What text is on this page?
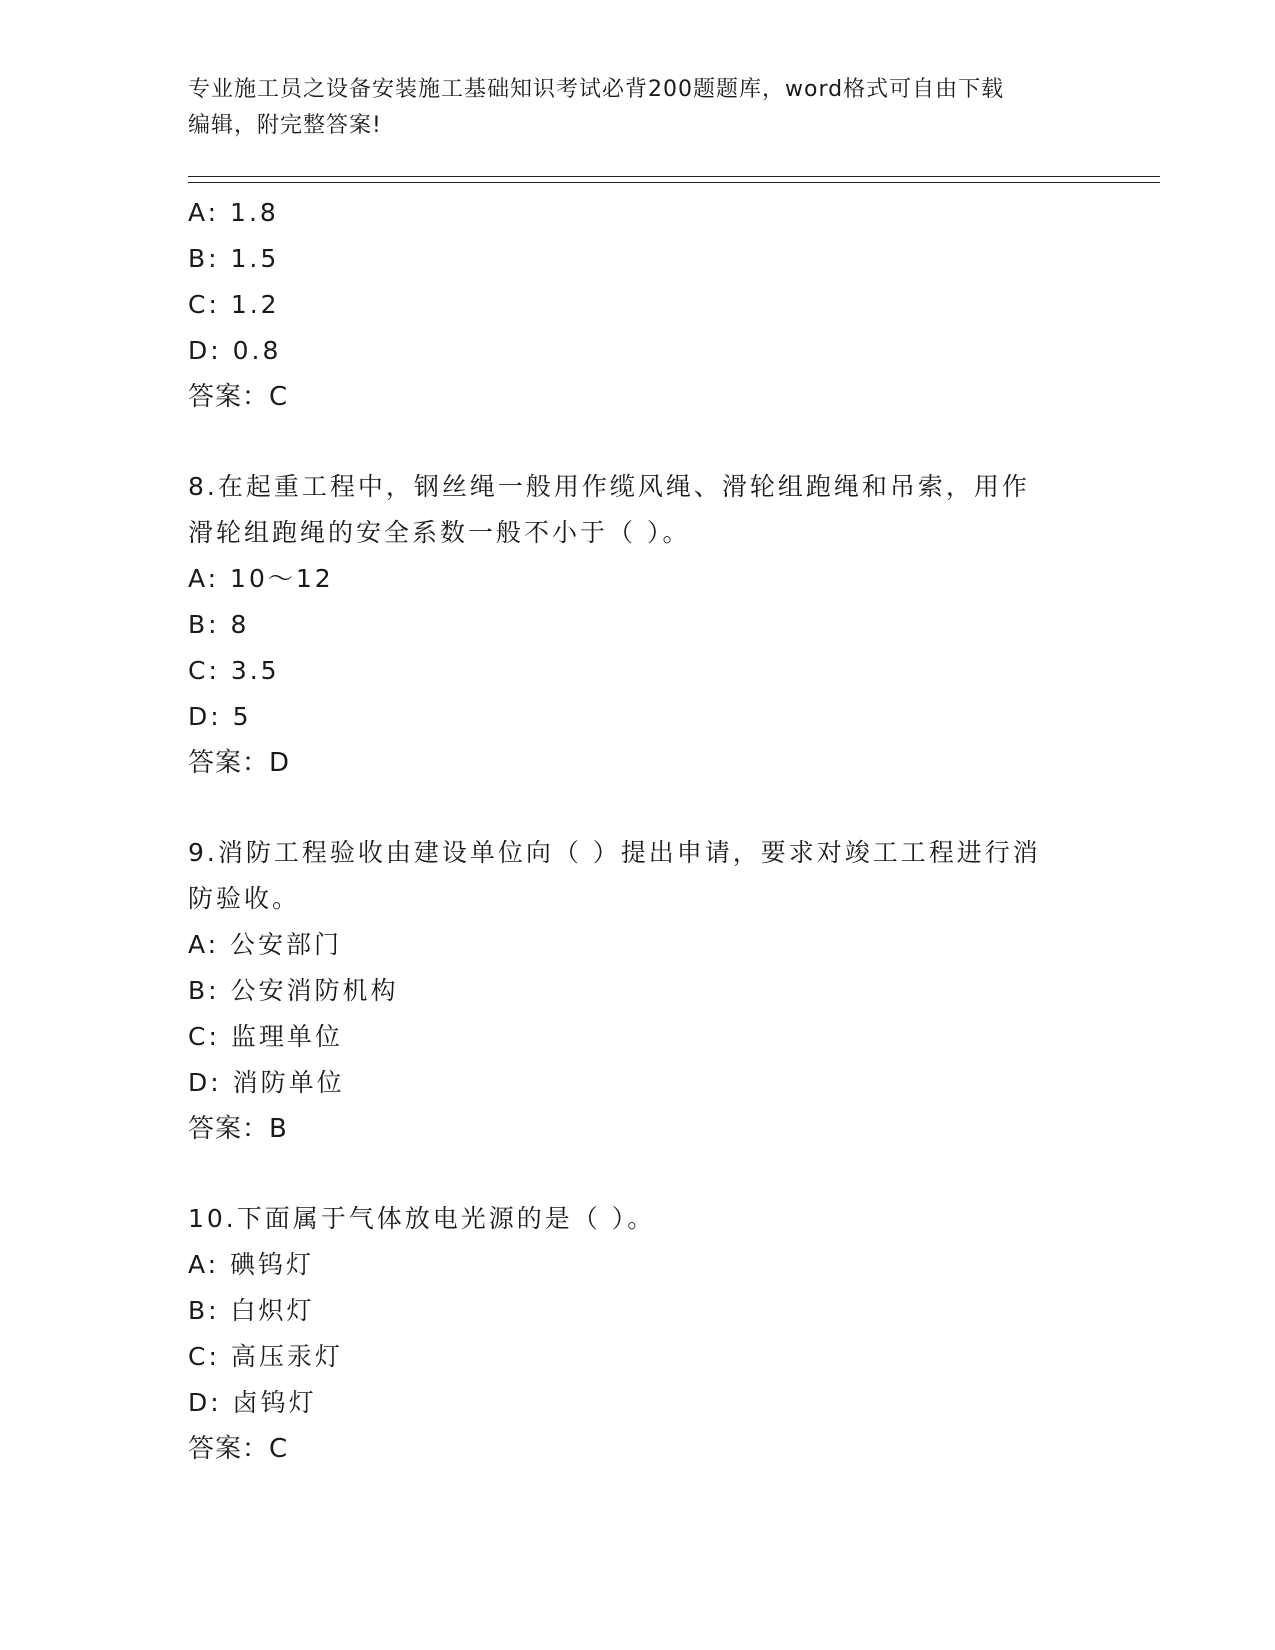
专业施工员之设备安装施工基础知识考试必背200题题库，word格式可自由下载
编辑，附完整答案!
A: 1.8
B: 1.5
C: 1.2
D: 0.8
答案：C
8.在起重工程中，钢丝绳一般用作缆风绳、滑轮组跑绳和吊索，用作
滑轮组跑绳的安全系数一般不小于（ ）。
A: 10～12
B: 8
C: 3.5
D: 5
答案：D
9.消防工程验收由建设单位向（ ）提出申请，要求对竣工工程进行消
防验收。
A: 公安部门
B: 公安消防机构
C: 监理单位
D: 消防单位
答案：B
10.下面属于气体放电光源的是（ ）。
A: 碘钨灯
B: 白炽灯
C: 高压汞灯
D: 卤钨灯
答案：C
